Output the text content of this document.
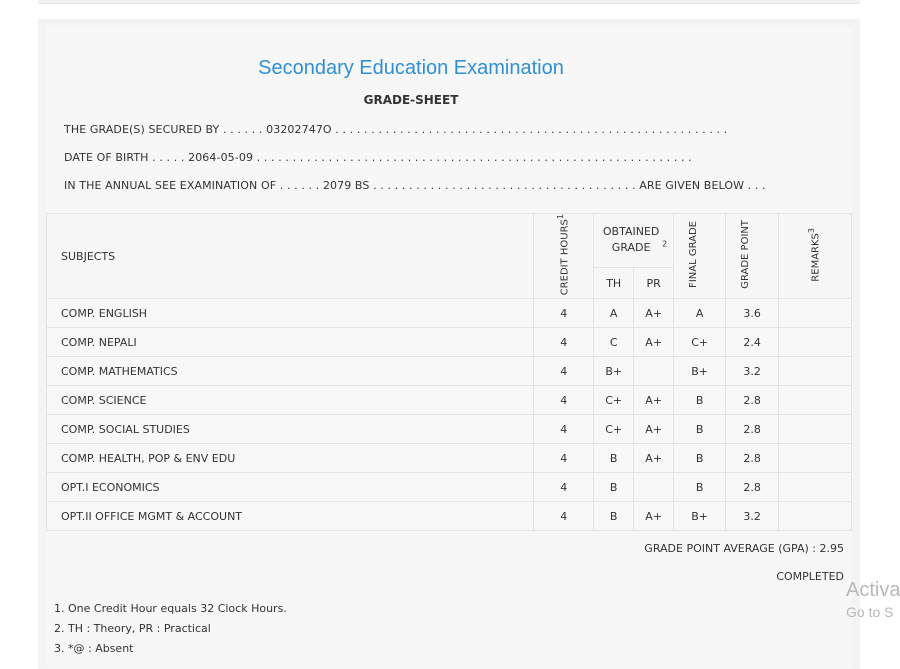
Secondary Education Examination
GRADE-SHEET
THE GRADE(S) SECURED BY . . . . . . 03202747O . . . . . . . . . . . . . . . . . . . . . . . . . . . . . . . . . . . . . . . . . . . . . . . . . . . . . . .
DATE OF BIRTH . . . . . 2064-05-09 . . . . . . . . . . . . . . . . . . . . . . . . . . . . . . . . . . . . . . . . . . . . . . . . . . . . . . . . . . . . .
IN THE ANNUAL SEE EXAMINATION OF . . . . . . 2079 BS . . . . . . . . . . . . . . . . . . . . . . . . . . . . . . . . . . . . . ARE GIVEN BELOW . . .
SUBJECTS	CREDIT HOURS$^1$	OBTAINED GRADE $^2$		FINAL GRADE	GRADE POINT	REMARKS$^3$
		TH	PR			
COMP. ENGLISH	4	A	A+	A	3.6	
COMP. NEPALI	4	C	A+	C+	2.4	
COMP. MATHEMATICS	4	B+		B+	3.2	
COMP. SCIENCE	4	C+	A+	B	2.8	
COMP. SOCIAL STUDIES	4	C+	A+	B	2.8	
COMP. HEALTH, POP & ENV EDU	4	B	A+	B	2.8	
OPT.I ECONOMICS	4	B		B	2.8	
OPT.II OFFICE MGMT & ACCOUNT	4	B	A+	B+	3.2	
GRADE POINT AVERAGE (GPA) : 2.95
COMPLETED
1. One Credit Hour equals 32 Clock Hours.
2. TH : Theory, PR : Practical
3. *@ : Absent
Activa
Go to S
